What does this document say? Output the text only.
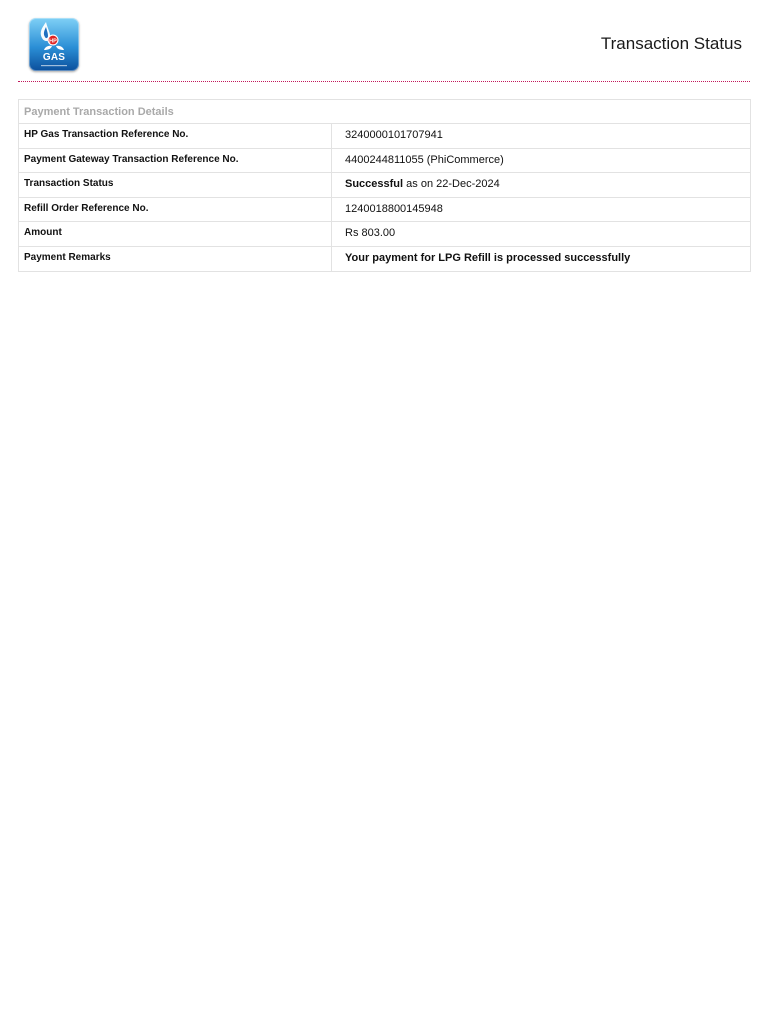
HP
GAS
Transaction Status
Payment Transaction Details
HP Gas Transaction Reference No.	3240000101707941
Payment Gateway Transaction Reference No.	4400244811055 (PhiCommerce)
Transaction Status	Successful as on 22-Dec-2024
Refill Order Reference No.	1240018800145948
Amount	Rs 803.00
Payment Remarks	Your payment for LPG Refill is processed successfully
